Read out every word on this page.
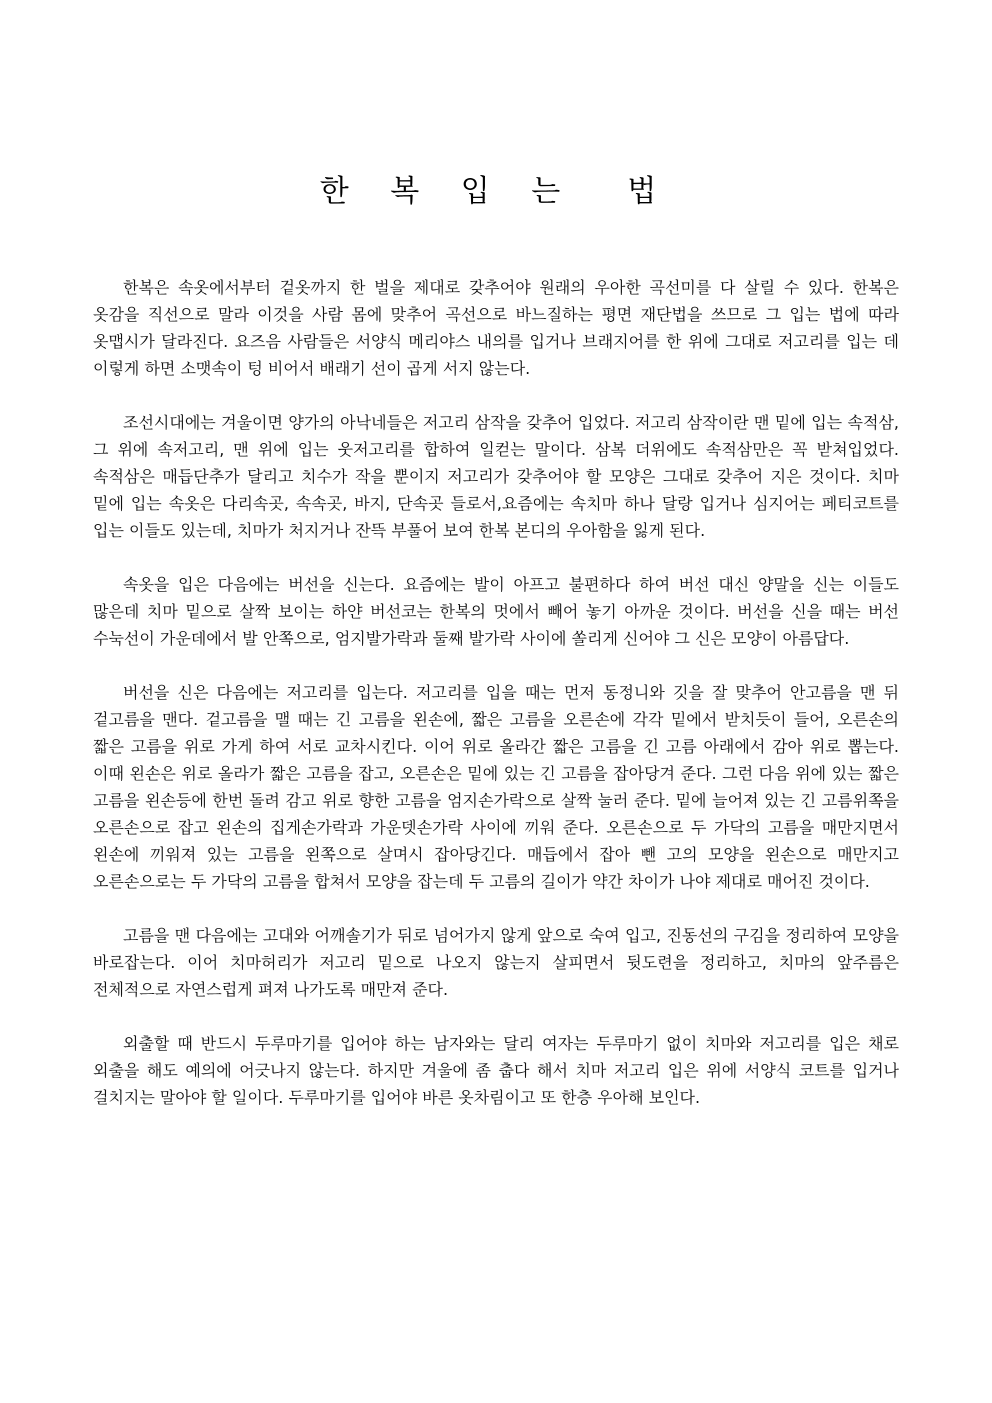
한 복 입 는  법

한복은 속옷에서부터 겉옷까지 한 벌을 제대로 갖추어야 원래의 우아한 곡선미를 다 살릴 수 있다. 한복은 옷감을 직선으로 말라 이것을 사람 몸에 맞추어 곡선으로 바느질하는 평면 재단법을 쓰므로 그 입는 법에 따라 옷맵시가 달라진다. 요즈음 사람들은 서양식 메리야스 내의를 입거나 브래지어를 한 위에 그대로 저고리를 입는 데 이렇게 하면 소맷속이 텅 비어서 배래기 선이 곱게 서지 않는다.

조선시대에는 겨울이면 양가의 아낙네들은 저고리 삼작을 갖추어 입었다. 저고리 삼작이란 맨 밑에 입는 속적삼, 그 위에 속저고리, 맨 위에 입는 웃저고리를 합하여 일컫는 말이다. 삼복 더위에도 속적삼만은 꼭 받쳐입었다. 속적삼은 매듭단추가 달리고 치수가 작을 뿐이지 저고리가 갖추어야 할 모양은 그대로 갖추어 지은 것이다. 치마 밑에 입는 속옷은 다리속곳, 속속곳, 바지, 단속곳 들로서,요즘에는 속치마 하나 달랑 입거나 심지어는 페티코트를 입는 이들도 있는데, 치마가 처지거나 잔뜩 부풀어 보여 한복 본디의 우아함을 잃게 된다.

속옷을 입은 다음에는 버선을 신는다. 요즘에는 발이 아프고 불편하다 하여 버선 대신 양말을 신는 이들도 많은데 치마 밑으로 살짝 보이는 하얀 버선코는 한복의 멋에서 빼어 놓기 아까운 것이다. 버선을 신을 때는 버선 수눅선이 가운데에서 발 안쪽으로, 엄지발가락과 둘째 발가락 사이에 쏠리게 신어야 그 신은 모양이 아름답다.

버선을 신은 다음에는 저고리를 입는다. 저고리를 입을 때는 먼저 동정니와 깃을 잘 맞추어 안고름을 맨 뒤 겉고름을 맨다. 겉고름을 맬 때는 긴 고름을 왼손에, 짧은 고름을 오른손에 각각 밑에서 받치듯이 들어, 오른손의 짧은 고름을 위로 가게 하여 서로 교차시킨다. 이어 위로 올라간 짧은 고름을 긴 고름 아래에서 감아 위로 뽑는다. 이때 왼손은 위로 올라가 짧은 고름을 잡고, 오른손은 밑에 있는 긴 고름을 잡아당겨 준다. 그런 다음 위에 있는 짧은 고름을 왼손등에 한번 돌려 감고 위로 향한 고름을 엄지손가락으로 살짝 눌러 준다. 밑에 늘어져 있는 긴 고름위쪽을 오른손으로 잡고 왼손의 집게손가락과 가운뎃손가락 사이에 끼워 준다. 오른손으로 두 가닥의 고름을 매만지면서 왼손에 끼워져 있는 고름을 왼쪽으로 살며시 잡아당긴다. 매듭에서 잡아 뺀 고의 모양을 왼손으로 매만지고 오른손으로는 두 가닥의 고름을 합쳐서 모양을 잡는데 두 고름의 길이가 약간 차이가 나야 제대로 매어진 것이다.

고름을 맨 다음에는 고대와 어깨솔기가 뒤로 넘어가지 않게 앞으로 숙여 입고, 진동선의 구김을 정리하여 모양을 바로잡는다. 이어 치마허리가 저고리 밑으로 나오지 않는지 살피면서 뒷도련을 정리하고, 치마의 앞주름은 전체적으로 자연스럽게 펴져 나가도록 매만져 준다.

외출할 때 반드시 두루마기를 입어야 하는 남자와는 달리 여자는 두루마기 없이 치마와 저고리를 입은 채로 외출을 해도 예의에 어긋나지 않는다. 하지만 겨울에 좀 춥다 해서 치마 저고리 입은 위에 서양식 코트를 입거나 걸치지는 말아야 할 일이다. 두루마기를 입어야 바른 옷차림이고 또 한층 우아해 보인다.
